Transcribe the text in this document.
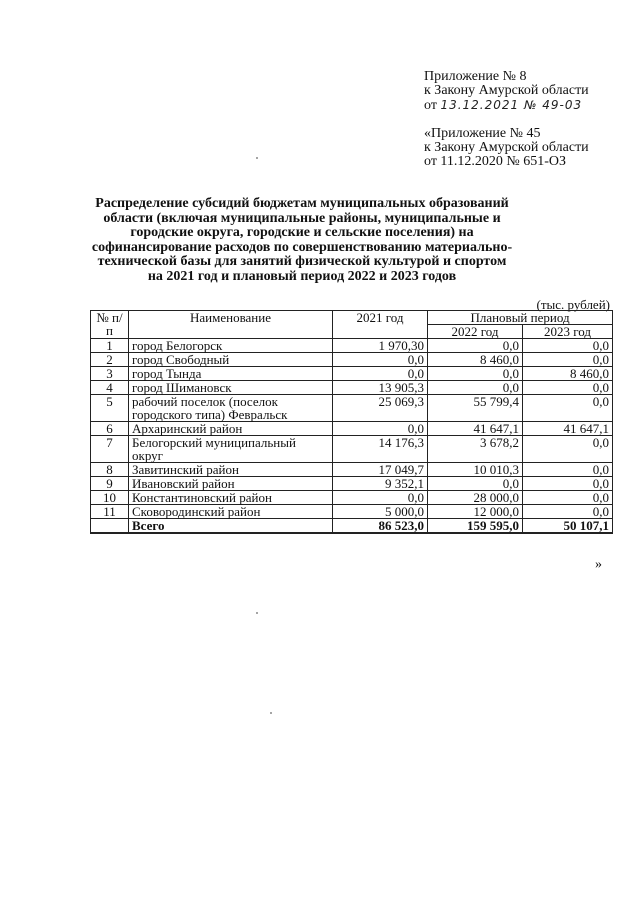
Приложение № 8
к Закону Амурской области
от 13.12.2021 № 49-03
«Приложение № 45
к Закону Амурской области
от 11.12.2020 № 651-ОЗ
Распределение субсидий бюджетам муниципальных образований области (включая муниципальные районы, муниципальные и городские округа, городские и сельские поселения) на софинансирование расходов по совершенствованию материально-технической базы для занятий физической культурой и спортом на 2021 год и плановый период 2022 и 2023 годов
(тыс. рублей)
№ п/п	Наименование	2021 год	Плановый период	
			2022 год	2023 год
1	город Белогорск	1 970,30	0,0	0,0
2	город Свободный	0,0	8 460,0	0,0
3	город Тында	0,0	0,0	8 460,0
4	город Шимановск	13 905,3	0,0	0,0
5	рабочий поселок (поселок городского типа) Февральск	25 069,3	55 799,4	0,0
6	Архаринский район	0,0	41 647,1	41 647,1
7	Белогорский муниципальный округ	14 176,3	3 678,2	0,0
8	Завитинский район	17 049,7	10 010,3	0,0
9	Ивановский район	9 352,1	0,0	0,0
10	Константиновский район	0,0	28 000,0	0,0
11	Сковородинский район	5 000,0	12 000,0	0,0
	Всего	86 523,0	159 595,0	50 107,1
»
